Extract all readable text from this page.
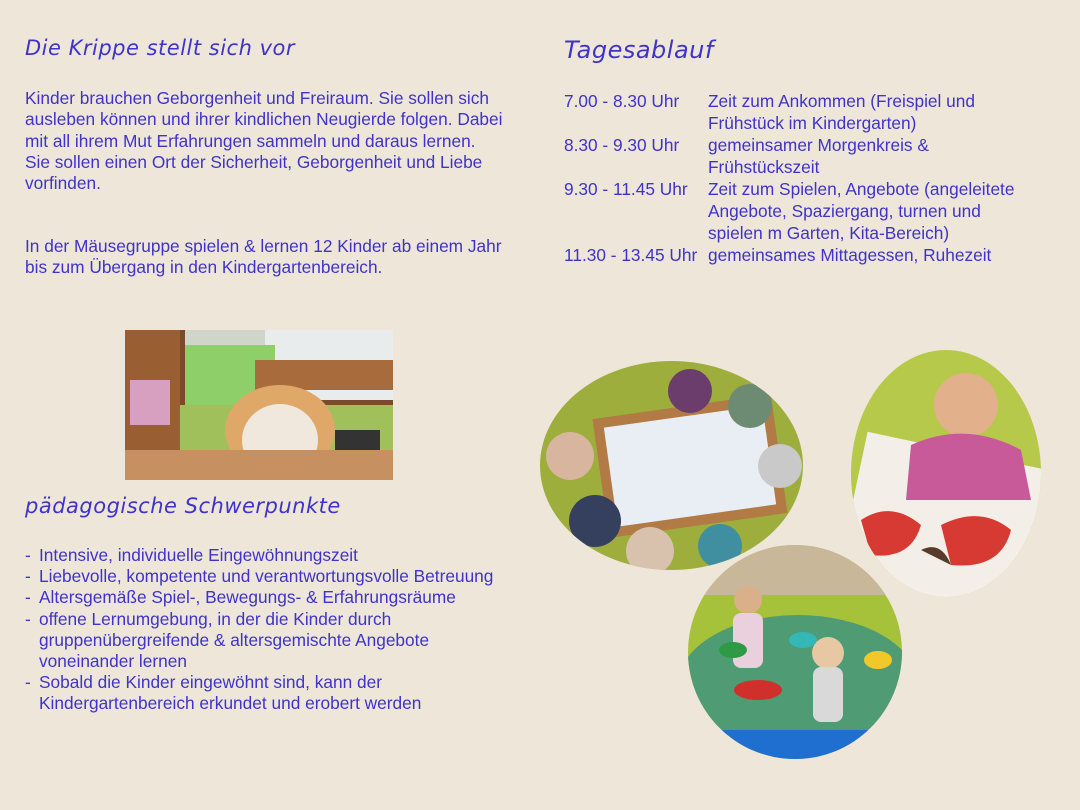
Die Krippe stellt sich vor

Kinder brauchen Geborgenheit und Freiraum. Sie sollen sich ausleben können und ihrer kindlichen Neugierde folgen. Dabei mit all ihrem Mut Erfahrungen sammeln und daraus lernen. Sie sollen einen Ort der Sicherheit, Geborgenheit und Liebe vorfinden.

In der Mäusegruppe spielen & lernen 12 Kinder ab einem Jahr bis zum Übergang in den Kindergartenbereich.

pädagogische Schwerpunkte
- Intensive, individuelle Eingewöhnungszeit
- Liebevolle, kompetente und verantwortungsvolle Betreuung
- Altersgemäße Spiel-, Bewegungs- & Erfahrungsräume
- offene Lernumgebung, in der die Kinder durch gruppenübergreifende & altersgemischte Angebote voneinander lernen
- Sobald die Kinder eingewöhnt sind, kann der Kindergartenbereich erkundet und erobert werden
Tagesablauf
7.00 - 8.30 Uhr	Zeit zum Ankommen (Freispiel und Frühstück im Kindergarten)
8.30 - 9.30 Uhr	gemeinsamer Morgenkreis & Frühstückszeit
9.30 - 11.45 Uhr	Zeit zum Spielen, Angebote (angeleitete Angebote, Spaziergang, turnen und spielen m Garten, Kita-Bereich)
11.30 - 13.45 Uhr gemeinsames Mittagessen, Ruhezeit
